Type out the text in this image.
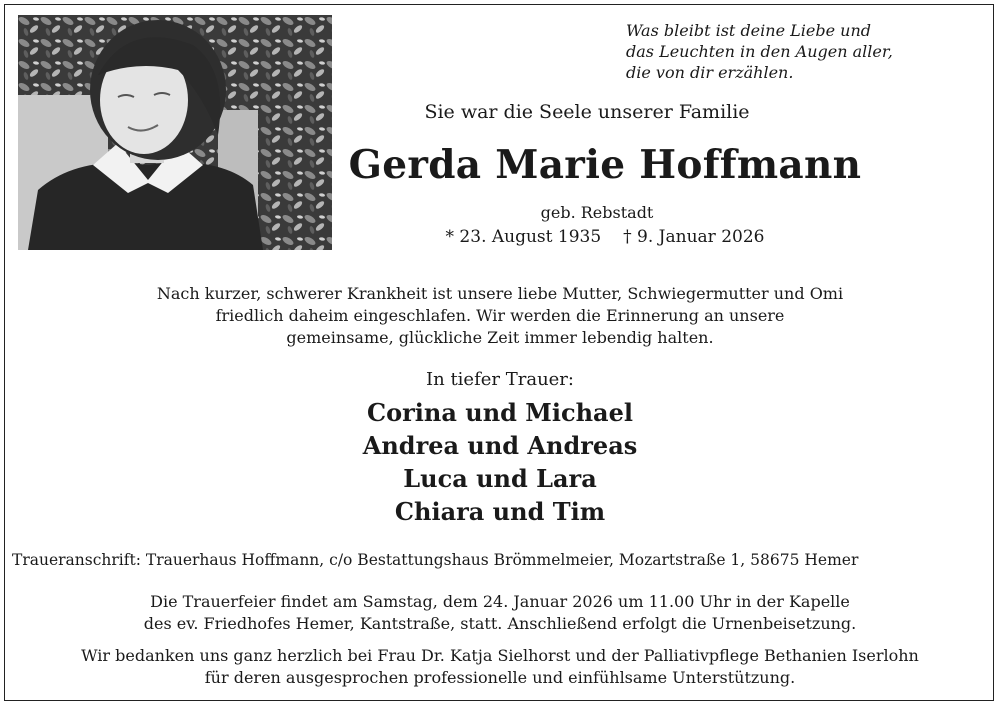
Was bleibt ist deine Liebe und
das Leuchten in den Augen aller,
die von dir erzählen.
Sie war die Seele unserer Familie
Gerda Marie Hoffmann
geb. Rebstadt
* 23. August 1935 † 9. Januar 2026
Nach kurzer, schwerer Krankheit ist unsere liebe Mutter, Schwiegermutter und Omi
friedlich daheim eingeschlafen. Wir werden die Erinnerung an unsere
gemeinsame, glückliche Zeit immer lebendig halten.
In tiefer Trauer:
Corina und Michael
Andrea und Andreas
Luca und Lara
Chiara und Tim
Traueranschrift: Trauerhaus Hoffmann, c/o Bestattungshaus Brömmelmeier, Mozartstraße 1, 58675 Hemer
Die Trauerfeier findet am Samstag, dem 24. Januar 2026 um 11.00 Uhr in der Kapelle
des ev. Friedhofes Hemer, Kantstraße, statt. Anschließend erfolgt die Urnenbeisetzung.
Wir bedanken uns ganz herzlich bei Frau Dr. Katja Sielhorst und der Palliativpflege Bethanien Iserlohn
für deren ausgesprochen professionelle und einfühlsame Unterstützung.
